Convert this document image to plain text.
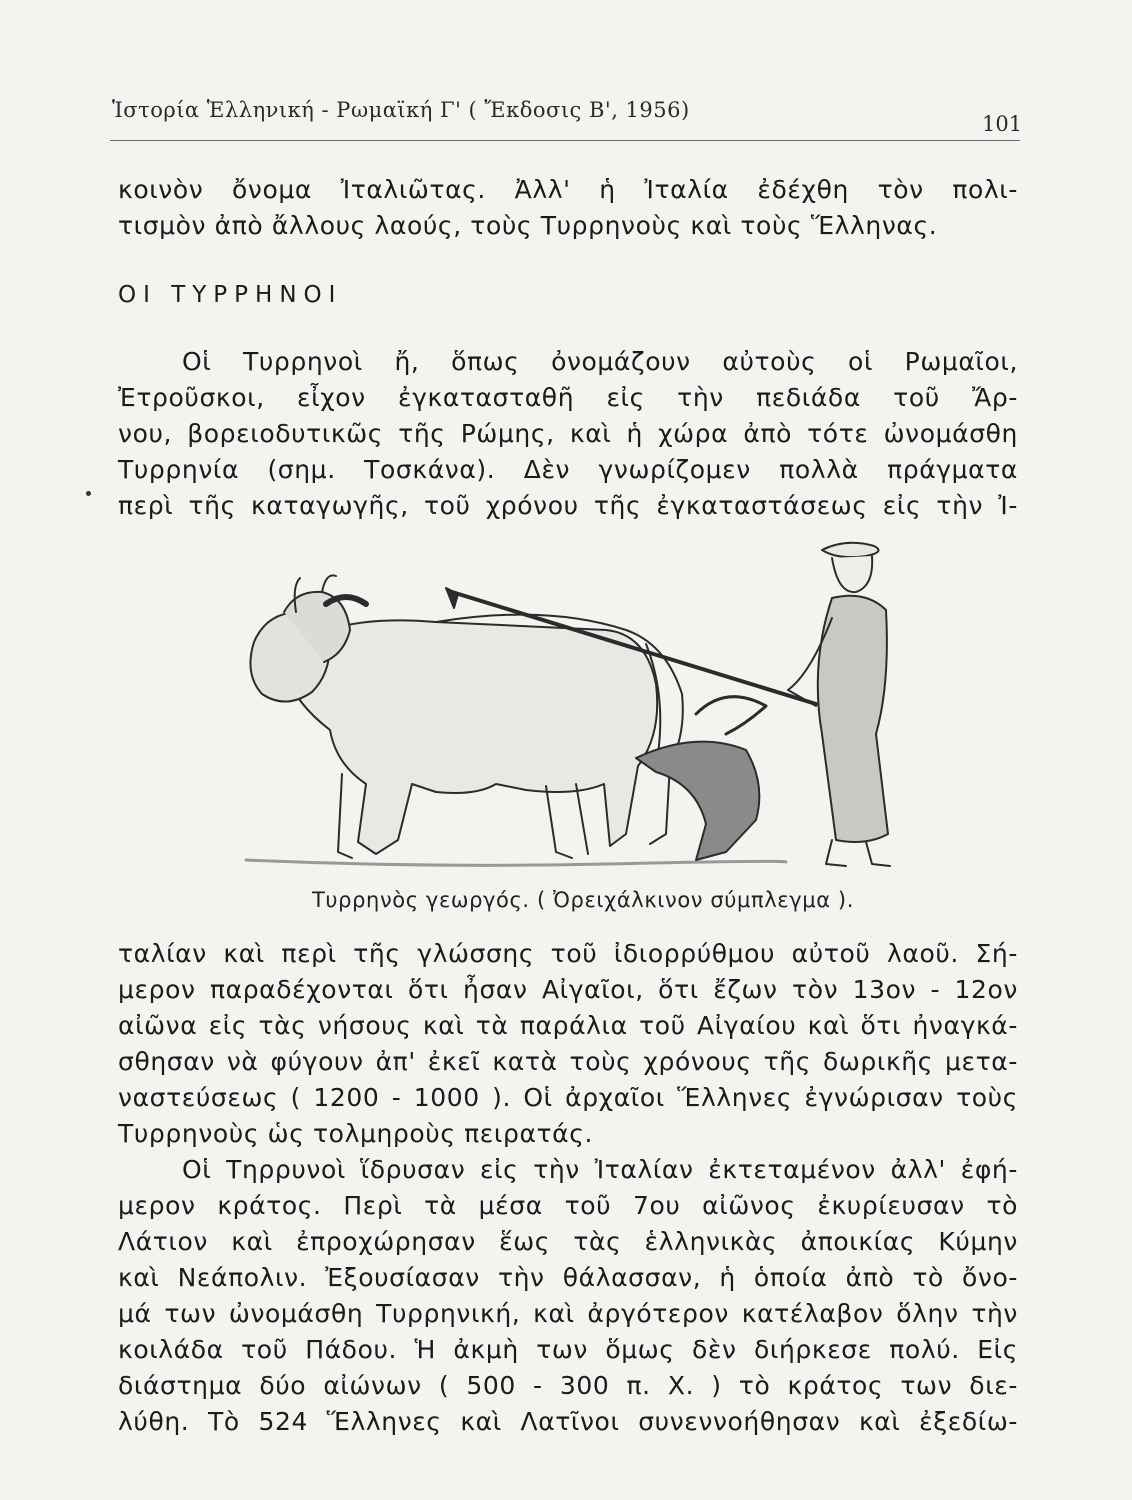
Ἱστορία Ἑλληνική - Ρωμαϊκή Γ' ( Ἔκδοσις Β', 1956)
101

κοινὸν ὄνομα Ἰταλιῶτας. Ἀλλ' ἡ Ἰταλία ἐδέχθη τὸν πολι-

τισμὸν ἀπὸ ἄλλους λαούς, τοὺς Τυρρηνοὺς καὶ τοὺς Ἕλληνας.

ΟΙ ΤΥΡΡΗΝΟΙ

Οἱ Τυρρηνοὶ ἤ, ὅπως ὀνομάζουν αὐτοὺς οἱ Ρωμαῖοι,

Ἐτροῦσκοι, εἶχον ἐγκατασταθῆ εἰς τὴν πεδιάδα τοῦ Ἄρ-

νου, βορειοδυτικῶς τῆς Ρώμης, καὶ ἡ χώρα ἀπὸ τότε ὠνομάσθη

Τυρρηνία (σημ. Τοσκάνα). Δὲν γνωρίζομεν πολλὰ πράγματα

περὶ τῆς καταγωγῆς, τοῦ χρόνου τῆς ἐγκαταστάσεως εἰς τὴν Ἰ-

Τυρρηνὸς γεωργός. ( Ὀρειχάλκινον σύμπλεγμα ).

ταλίαν καὶ περὶ τῆς γλώσσης τοῦ ἰδιορρύθμου αὐτοῦ λαοῦ. Σή-

μερον παραδέχονται ὅτι ἦσαν Αἰγαῖοι, ὅτι ἔζων τὸν 13ον - 12ον

αἰῶνα εἰς τὰς νήσους καὶ τὰ παράλια τοῦ Αἰγαίου καὶ ὅτι ἠναγκά-

σθησαν νὰ φύγουν ἀπ' ἐκεῖ κατὰ τοὺς χρόνους τῆς δωρικῆς μετα-

ναστεύσεως ( 1200 - 1000 ). Οἱ ἀρχαῖοι Ἕλληνες ἐγνώρισαν τοὺς

Τυρρηνοὺς ὡς τολμηροὺς πειρατάς.

Οἱ Τηρρυνοὶ ἵδρυσαν εἰς τὴν Ἰταλίαν ἐκτεταμένον ἀλλ' ἐφή-

μερον κράτος. Περὶ τὰ μέσα τοῦ 7ου αἰῶνος ἐκυρίευσαν τὸ

Λάτιον καὶ ἐπροχώρησαν ἕως τὰς ἑλληνικὰς ἀποικίας Κύμην

καὶ Νεάπολιν. Ἐξουσίασαν τὴν θάλασσαν, ἡ ὁποία ἀπὸ τὸ ὄνο-

μά των ὠνομάσθη Τυρρηνική, καὶ ἀργότερον κατέλαβον ὅλην τὴν

κοιλάδα τοῦ Πάδου. Ἡ ἀκμὴ των ὅμως δὲν διήρκεσε πολύ. Εἰς

διάστημα δύο αἰώνων ( 500 - 300 π. Χ. ) τὸ κράτος των διε-

λύθη. Τὸ 524 Ἕλληνες καὶ Λατῖνοι συνεννοήθησαν καὶ ἐξεδίω-
